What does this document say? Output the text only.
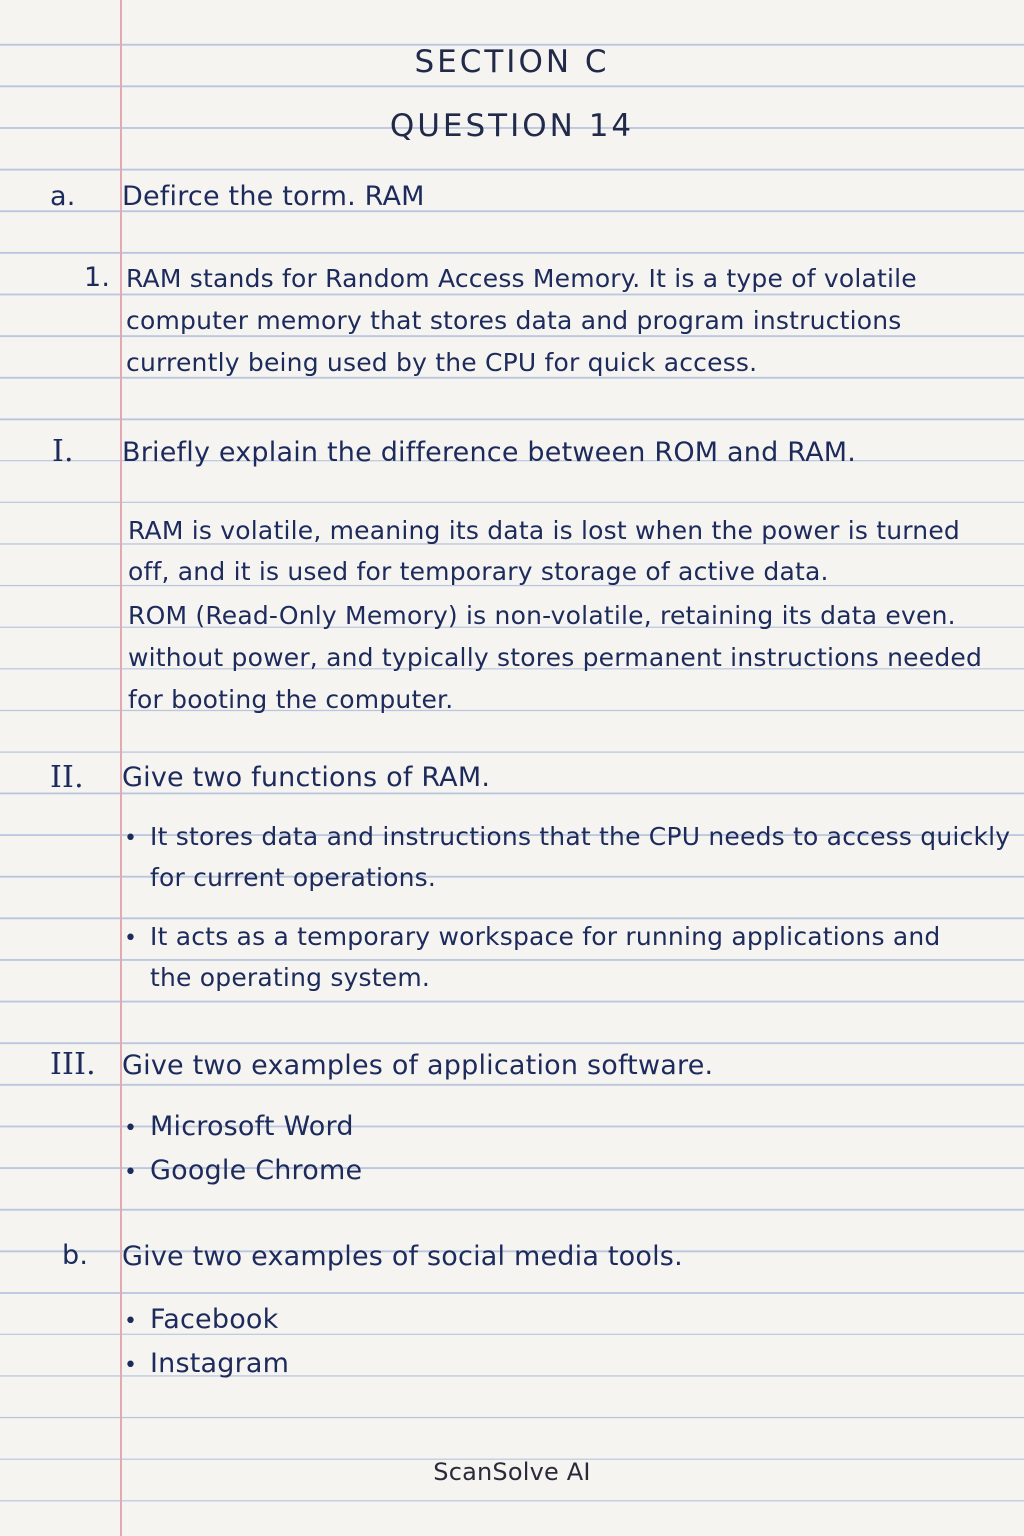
SECTION C
QUESTION 14
a. Defirce the torm. RAM
1. RAM stands for Random Access Memory. It is a type of volatile
computer memory that stores data and program instructions
currently being used by the CPU for quick access.
I. Briefly explain the difference between ROM and RAM.
RAM is volatile, meaning its data is lost when the power is turned
off, and it is used for temporary storage of active data.
ROM (Read-Only Memory) is non-volatile, retaining its data even.
without power, and typically stores permanent instructions needed
for booting the computer.
II. Give two functions of RAM.
• It stores data and instructions that the CPU needs to access quickly
for current operations.
• It acts as a temporary workspace for running applications and
the operating system.
III. Give two examples of application software.
• Microsoft Word
• Google Chrome
b. Give two examples of social media tools.
• Facebook
• Instagram
ScanSolve AI
